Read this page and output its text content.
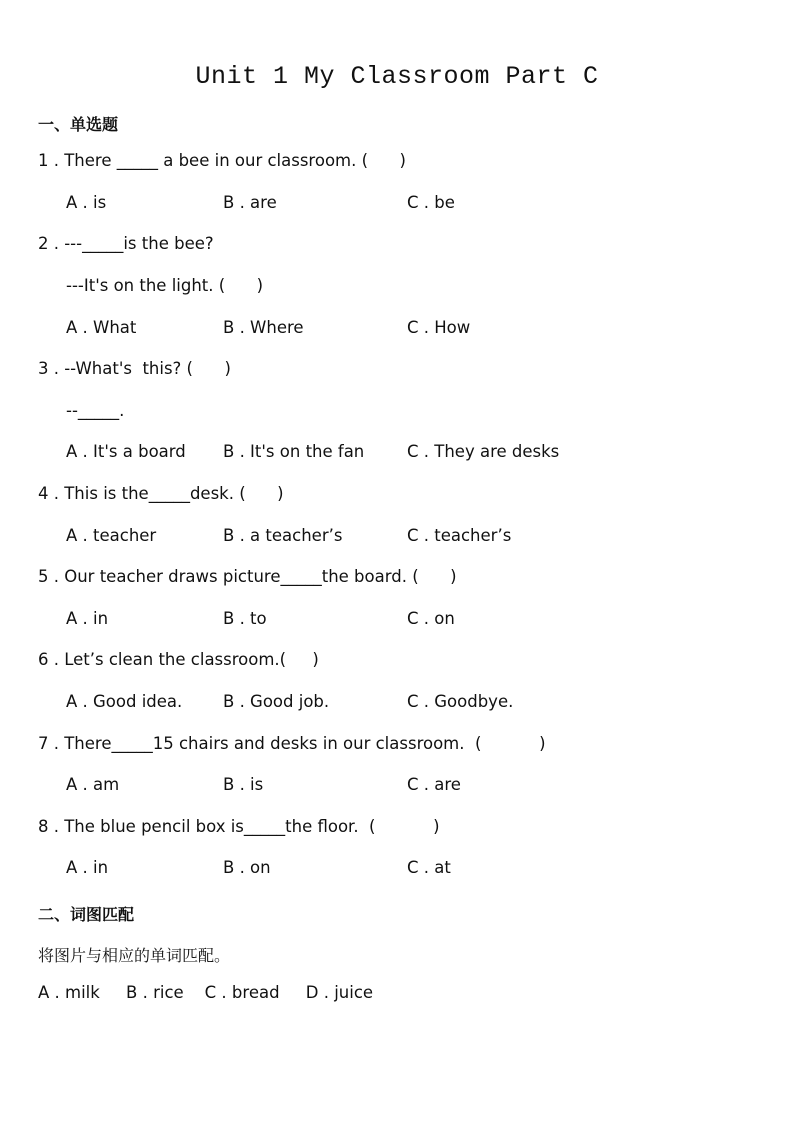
Unit 1 My Classroom Part C
一、单选题
1 . There _____ a bee in our classroom. (      )
A . is	B . are	C . be
2 . ---_____is the bee?
---It's on the light. (      )
A . What	B . Where	C . How
3 . --What's  this? (      )
--_____.
A . It's a board B . It's on the fan	C . They are desks
4 . This is the_____desk. (      )
A . teacher	B . a teacher’s	C . teacher’s
5 . Our teacher draws picture_____the board. (      )
A . in	B . to	C . on
6 . Let’s clean the classroom.(     )
A . Good idea. B . Good job.	C . Goodbye.
7 . There_____15 chairs and desks in our classroom.  (           )
A . am	B . is	C . are
8 . The blue pencil box is_____the floor.  (           )
A . in	B . on	C . at
二、词图匹配
将图片与相应的单词匹配。
A . milk     B . rice    C . bread     D . juice
